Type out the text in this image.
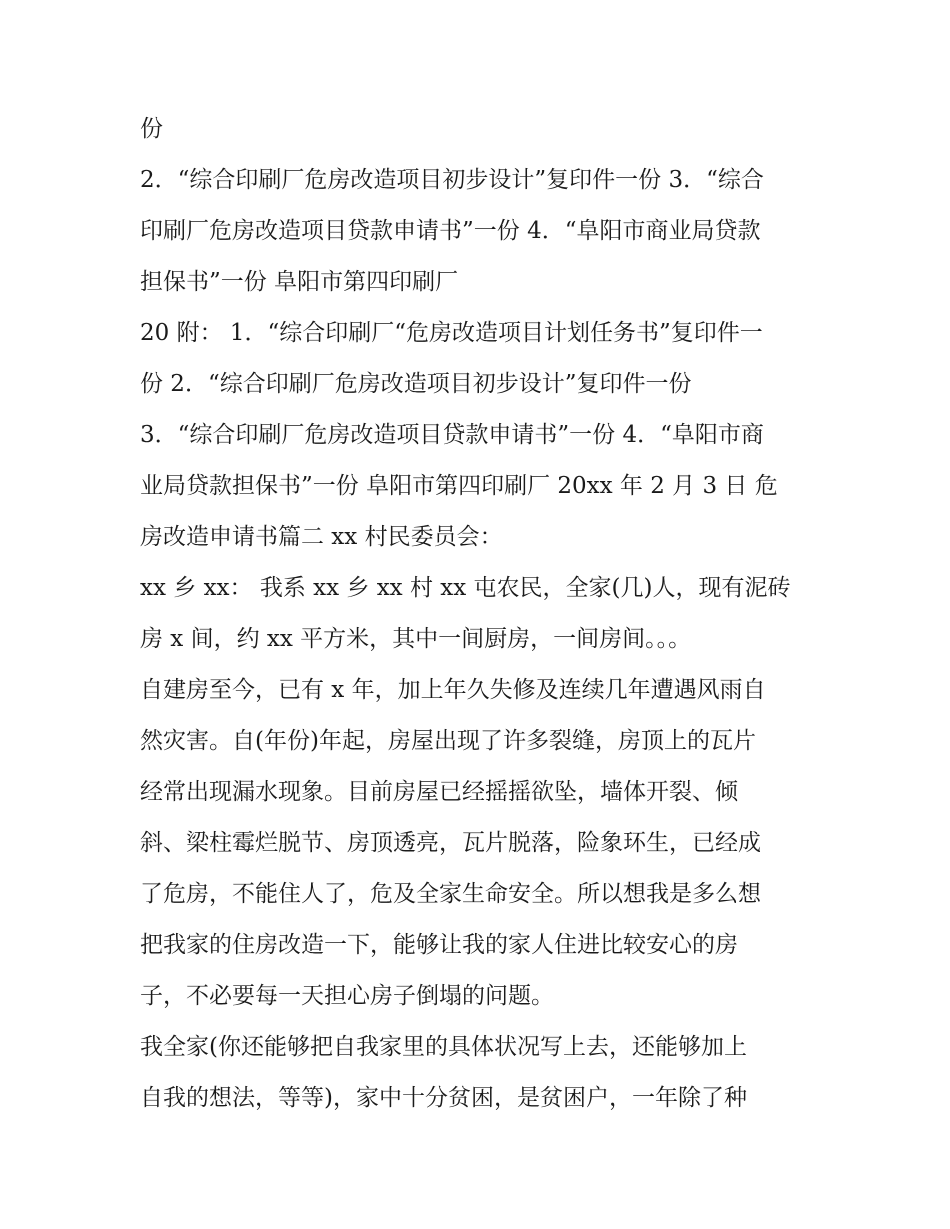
份
2．“综合印刷厂危房改造项目初步设计”复印件一份 3．“综合
印刷厂危房改造项目贷款申请书”一份 4．“阜阳市商业局贷款
担保书”一份 阜阳市第四印刷厂
20 附： 1．“综合印刷厂“危房改造项目计划任务书”复印件一
份 2．“综合印刷厂危房改造项目初步设计”复印件一份
3．“综合印刷厂危房改造项目贷款申请书”一份 4．“阜阳市商
业局贷款担保书”一份 阜阳市第四印刷厂 20xx 年 2 月 3 日 危
房改造申请书篇二 xx 村民委员会：
xx 乡 xx： 我系 xx 乡 xx 村 xx 屯农民，全家(几)人，现有泥砖
房 x 间，约 xx 平方米，其中一间厨房，一间房间。。。
自建房至今，已有 x 年，加上年久失修及连续几年遭遇风雨自
然灾害。自(年份)年起，房屋出现了许多裂缝，房顶上的瓦片
经常出现漏水现象。目前房屋已经摇摇欲坠，墙体开裂、倾
斜、梁柱霉烂脱节、房顶透亮，瓦片脱落，险象环生，已经成
了危房，不能住人了，危及全家生命安全。所以想我是多么想
把我家的住房改造一下，能够让我的家人住进比较安心的房
子，不必要每一天担心房子倒塌的问题。
我全家(你还能够把自我家里的具体状况写上去，还能够加上
自我的想法，等等)，家中十分贫困，是贫困户，一年除了种
